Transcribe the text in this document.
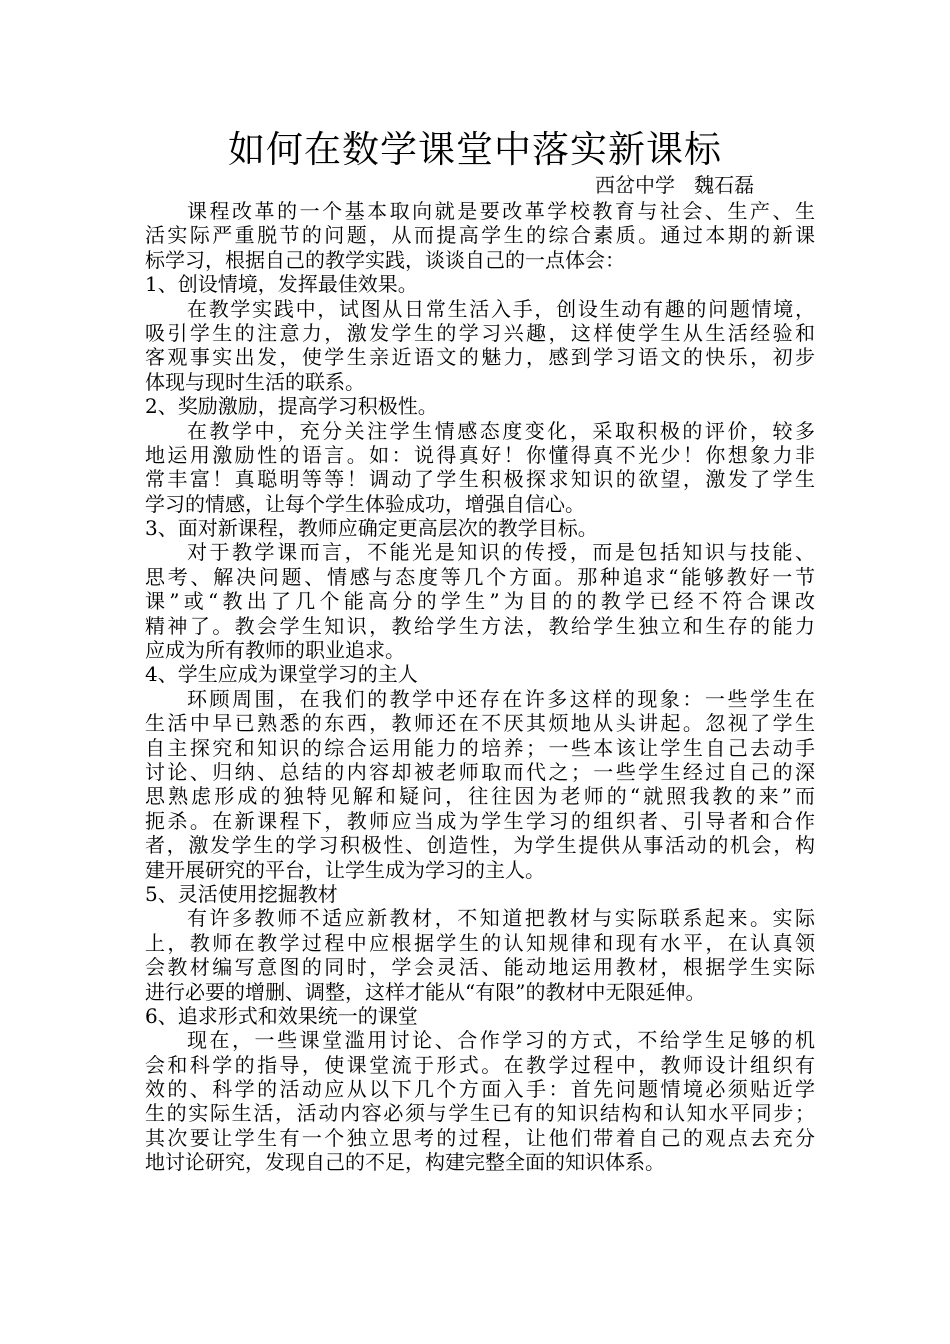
如何在数学课堂中落实新课标
西岔中学   魏石磊
课程改革的一个基本取向就是要改革学校教育与社会、生产、生
活实际严重脱节的问题，从而提高学生的综合素质。通过本期的新课
标学习，根据自己的教学实践，谈谈自己的一点体会：
1、创设情境，发挥最佳效果。
在教学实践中，试图从日常生活入手，创设生动有趣的问题情境，
吸引学生的注意力，激发学生的学习兴趣，这样使学生从生活经验和
客观事实出发，使学生亲近语文的魅力，感到学习语文的快乐，初步
体现与现时生活的联系。
2、奖励激励，提高学习积极性。
在教学中，充分关注学生情感态度变化，采取积极的评价，较多
地运用激励性的语言。如：说得真好！你懂得真不光少！你想象力非
常丰富！真聪明等等！调动了学生积极探求知识的欲望，激发了学生
学习的情感，让每个学生体验成功，增强自信心。
3、面对新课程，教师应确定更高层次的教学目标。
对于教学课而言，不能光是知识的传授，而是包括知识与技能、
思考、解决问题、情感与态度等几个方面。那种追求“能够教好一节
课”或“教出了几个能高分的学生”为目的的教学已经不符合课改
精神了。教会学生知识，教给学生方法，教给学生独立和生存的能力
应成为所有教师的职业追求。
4、学生应成为课堂学习的主人
环顾周围，在我们的教学中还存在许多这样的现象：一些学生在
生活中早已熟悉的东西，教师还在不厌其烦地从头讲起。忽视了学生
自主探究和知识的综合运用能力的培养；一些本该让学生自己去动手
讨论、归纳、总结的内容却被老师取而代之；一些学生经过自己的深
思熟虑形成的独特见解和疑问，往往因为老师的“就照我教的来”而
扼杀。在新课程下，教师应当成为学生学习的组织者、引导者和合作
者，激发学生的学习积极性、创造性，为学生提供从事活动的机会，构
建开展研究的平台，让学生成为学习的主人。
5、灵活使用挖掘教材
有许多教师不适应新教材，不知道把教材与实际联系起来。实际
上，教师在教学过程中应根据学生的认知规律和现有水平，在认真领
会教材编写意图的同时，学会灵活、能动地运用教材，根据学生实际
进行必要的增删、调整，这样才能从“有限”的教材中无限延伸。
6、追求形式和效果统一的课堂
现在，一些课堂滥用讨论、合作学习的方式，不给学生足够的机
会和科学的指导，使课堂流于形式。在教学过程中，教师设计组织有
效的、科学的活动应从以下几个方面入手：首先问题情境必须贴近学
生的实际生活，活动内容必须与学生已有的知识结构和认知水平同步；
其次要让学生有一个独立思考的过程，让他们带着自己的观点去充分
地讨论研究，发现自己的不足，构建完整全面的知识体系。
